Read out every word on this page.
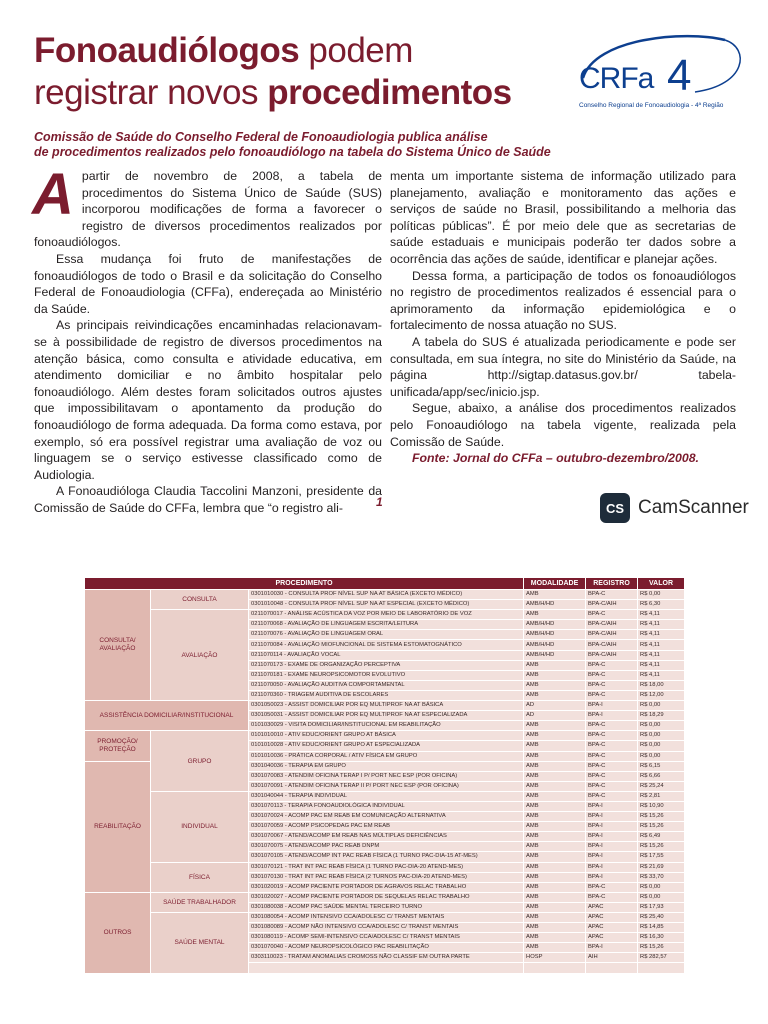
Fonoaudiólogos podem
registrar novos procedimentos	CRFa 4
Conselho Regional de Fonoaudiologia - 4ª Região
Comissão de Saúde do Conselho Federal de Fonoaudiologia publica análise
de procedimentos realizados pelo fonoaudiólogo na tabela do Sistema Único de Saúde
A partir de novembro de 2008, a tabela de procedimentos do Sistema Único de Saúde (SUS) incorporou modificações de forma a favorecer o registro de diversos procedimentos realizados por fonoaudiólogos.

Essa mudança foi fruto de manifestações de fonoaudiólogos de todo o Brasil e da solicitação do Conselho Federal de Fonoaudiologia (CFFa), endereçada ao Ministério da Saúde.

As principais reivindicações encaminhadas relacionavam-se à possibilidade de registro de diversos procedimentos na atenção básica, como consulta e atividade educativa, em atendimento domiciliar e no âmbito hospitalar pelo fonoaudiólogo. Além destes foram solicitados outros ajustes que impossibilitavam o apontamento da produção do fonoaudiólogo de forma adequada. Da forma como estava, por exemplo, só era possível registrar uma avaliação de voz ou linguagem se o serviço estivesse classificado como de Audiologia.

A Fonoaudióloga Claudia Taccolini Manzoni, presidente da Comissão de Saúde do CFFa, lembra que “o registro ali-

menta um importante sistema de informação utilizado para planejamento, avaliação e monitoramento das ações e serviços de saúde no Brasil, possibilitando a melhoria das políticas públicas”. É por meio dele que as secretarias de saúde estaduais e municipais poderão ter dados sobre a ocorrência das ações de saúde, identificar e planejar ações.

Dessa forma, a participação de todos os fonoaudiólogos no registro de procedimentos realizados é essencial para o aprimoramento da informação epidemiológica e o fortalecimento de nossa atuação no SUS.

A tabela do SUS é atualizada periodicamente e pode ser consultada, em sua íntegra, no site do Ministério da Saúde, na página http://sigtap.datasus.gov.br/ tabela-unificada/app/sec/inicio.jsp.

Segue, abaixo, a análise dos procedimentos realizados pelo Fonoaudiólogo na tabela vigente, realizada pela Comissão de Saúde.

Fonte: Jornal do CFFa – outubro-dezembro/2008.

1	CS CamScanner
PROCEDIMENTO			MODALIDADE	REGISTRO	VALOR
CONSULTA/ AVALIAÇÃO	CONSULTA	0301010030 - CONSULTA PROF NÍVEL SUP NA AT BÁSICA (EXCETO MÉDICO)	AMB	BPA-C	R$ 0,00
		0301010048 - CONSULTA PROF NÍVEL SUP NA AT ESPECIAL (EXCETO MÉDICO)	AMB/H/HD	BPA-C/AIH	R$ 6,30
	AVALIAÇÃO	0211070017 - ANÁLISE ACÚSTICA DA VOZ POR MEIO DE LABORATÓRIO DE VOZ	AMB	BPA-C	R$ 4,11
		0211070068 - AVALIAÇÃO DE LINGUAGEM ESCRITA/LEITURA	AMB/H/HD	BPA-C/AIH	R$ 4,11
		0211070076 - AVALIAÇÃO DE LINGUAGEM ORAL	AMB/H/HD	BPA-C/AIH	R$ 4,11
		0211070084 - AVALIAÇÃO MIOFUNCIONAL DE SISTEMA ESTOMATOGNÁTICO	AMB/H/HD	BPA-C/AIH	R$ 4,11
		0211070114 - AVALIAÇÃO VOCAL	AMB/H/HD	BPA-C/AIH	R$ 4,11
		0211070173 - EXAME DE ORGANIZAÇÃO PERCEPTIVA	AMB	BPA-C	R$ 4,11
		0211070181 - EXAME NEUROPSICOMOTOR EVOLUTIVO	AMB	BPA-C	R$ 4,11
		0211070050 - AVALIAÇÃO AUDITIVA COMPORTAMENTAL	AMB	BPA-C	R$ 18,00
		0211070360 - TRIAGEM AUDITIVA DE ESCOLARES	AMB	BPA-C	R$ 12,00
ASSISTÊNCIA DOMICILIAR/INSTITUCIONAL		0301050023 - ASSIST DOMICILIAR POR EQ MULTIPROF NA AT BÁSICA	AD	BPA-I	R$ 0,00
		0301050031 - ASSIST DOMICILIAR POR EQ MULTIPROF NA AT ESPECIALIZADA	AD	BPA-I	R$ 18,29
		0101030029 - VISITA DOMICILIAR/INSTITUCIONAL EM REABILITAÇÃO	AMB	BPA-C	R$ 0,00
PROMOÇÃO/ PROTEÇÃO	GRUPO	0101010010 - ATIV EDUC/ORIENT GRUPO AT BÁSICA	AMB	BPA-C	R$ 0,00
		0101010028 - ATIV EDUC/ORIENT GRUPO AT ESPECIALIZADA	AMB	BPA-C	R$ 0,00
		0101010036 - PRÁTICA CORPORAL / ATIV FÍSICA EM GRUPO	AMB	BPA-C	R$ 0,00
REABILITAÇÃO		0301040036 - TERAPIA EM GRUPO	AMB	BPA-C	R$ 6,15
		0301070083 - ATENDIM OFICINA TERAP I P/ PORT NEC ESP (POR OFICINA)	AMB	BPA-C	R$ 6,66
		0301070091 - ATENDIM OFICINA TERAP II P/ PORT NEC ESP (POR OFICINA)	AMB	BPA-C	R$ 25,24
	INDIVIDUAL	0301040044 - TERAPIA INDIVIDUAL	AMB	BPA-C	R$ 2,81
		0301070113 - TERAPIA FONOAUDIOLÓGICA INDIVIDUAL	AMB	BPA-I	R$ 10,90
		0301070024 - ACOMP PAC EM REAB EM COMUNICAÇÃO ALTERNATIVA	AMB	BPA-I	R$ 15,26
		0301070059 - ACOMP PSICOPEDAG PAC EM REAB	AMB	BPA-I	R$ 15,26
		0301070067 - ATEND/ACOMP EM REAB NAS MÚLTIPLAS DEFICIÊNCIAS	AMB	BPA-I	R$ 6,49
		0301070075 - ATEND/ACOMP PAC REAB DNPM	AMB	BPA-I	R$ 15,26
		0301070105 - ATEND/ACOMP INT PAC REAB FÍSICA (1 TURNO PAC-DIA-15 AT-MES)	AMB	BPA-I	R$ 17,55
	FÍSICA	0301070121 - TRAT INT PAC REAB FÍSICA (1 TURNO PAC-DIA-20 ATEND-MES)	AMB	BPA-I	R$ 21,69
		0301070130 - TRAT INT PAC REAB FÍSICA (2 TURNOS PAC-DIA-20 ATEND-MES)	AMB	BPA-I	R$ 33,70
		0301020019 - ACOMP PACIENTE PORTADOR DE AGRAVOS RELAC TRABALHO	AMB	BPA-C	R$ 0,00
OUTROS	SAÚDE TRABALHADOR	0301020027 - ACOMP PACIENTE PORTADOR DE SEQUELAS RELAC TRABALHO	AMB	BPA-C	R$ 0,00
		0301080038 - ACOMP PAC SAÚDE MENTAL TERCEIRO TURNO	AMB	APAC	R$ 17,93
	SAÚDE MENTAL	0301080054 - ACOMP INTENSIVO CCA/ADOLESC C/ TRANST MENTAIS	AMB	APAC	R$ 25,40
		0301080089 - ACOMP NÃO INTENSIVO CCA/ADOLESC C/ TRANST MENTAIS	AMB	APAC	R$ 14,85
		0301080119 - ACOMP SEMI-INTENSIVO CCA/ADOLESC C/ TRANST MENTAIS	AMB	APAC	R$ 16,30
		0301070040 - ACOMP NEUROPSICOLÓGICO PAC REABILITAÇÃO	AMB	BPA-I	R$ 15,26
		0303110023 - TRATAM ANOMALIAS CROMOSS NÃO CLASSIF EM OUTRA PARTE	HOSP	AIH	R$ 282,57
